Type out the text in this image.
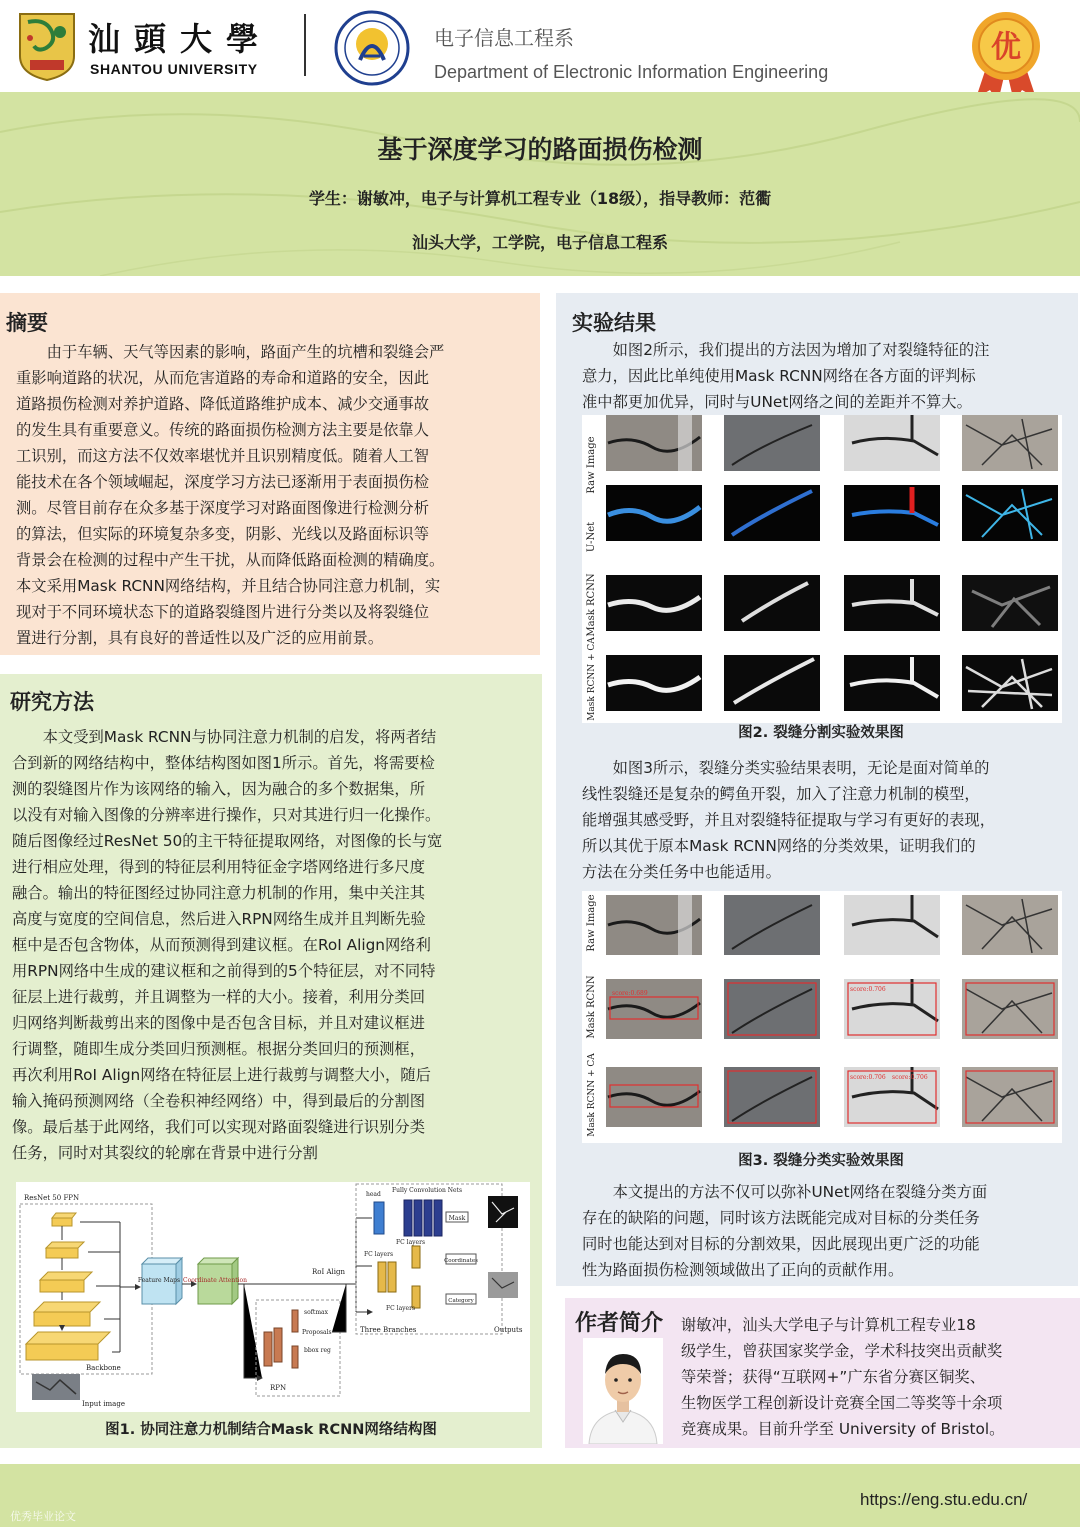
汕頭大學
SHANTOU UNIVERSITY
电子信息工程系
Department of Electronic Information Engineering
优
基于深度学习的路面损伤检测
学生：谢敏冲，电子与计算机工程专业（18级），指导教师：范衢
汕头大学，工学院，电子信息工程系
摘要
　　由于车辆、天气等因素的影响，路面产生的坑槽和裂缝会严
重影响道路的状况，从而危害道路的寿命和道路的安全，因此
道路损伤检测对养护道路、降低道路维护成本、减少交通事故
的发生具有重要意义。传统的路面损伤检测方法主要是依靠人
工识别，而这方法不仅效率堪忧并且识别精度低。随着人工智
能技术在各个领域崛起，深度学习方法已逐渐用于表面损伤检
测。尽管目前存在众多基于深度学习对路面图像进行检测分析
的算法，但实际的环境复杂多变，阴影、光线以及路面标识等
背景会在检测的过程中产生干扰，从而降低路面检测的精确度。
本文采用Mask RCNN网络结构，并且结合协同注意力机制，实
现对于不同环境状态下的道路裂缝图片进行分类以及将裂缝位
置进行分割，具有良好的普适性以及广泛的应用前景。
研究方法
　　本文受到Mask RCNN与协同注意力机制的启发，将两者结
合到新的网络结构中，整体结构图如图1所示。首先，将需要检
测的裂缝图片作为该网络的输入，因为融合的多个数据集，所
以没有对输入图像的分辨率进行操作，只对其进行归一化操作。
随后图像经过ResNet 50的主干特征提取网络，对图像的长与宽
进行相应处理，得到的特征层利用特征金字塔网络进行多尺度
融合。输出的特征图经过协同注意力机制的作用，集中关注其
高度与宽度的空间信息，然后进入RPN网络生成并且判断先验
框中是否包含物体，从而预测得到建议框。在RoI Align网络利
用RPN网络中生成的建议框和之前得到的5个特征层，对不同特
征层上进行裁剪，并且调整为一样的大小。接着，利用分类回
归网络判断裁剪出来的图像中是否包含目标，并且对建议框进
行调整，随即生成分类回归预测框。根据分类回归的预测框，
再次利用RoI Align网络在特征层上进行裁剪与调整大小，随后
输入掩码预测网络（全卷积神经网络）中，得到最后的分割图
像。最后基于此网络，我们可以实现对路面裂缝进行识别分类
任务，同时对其裂纹的轮廓在背景中进行分割
ResNet 50 FPN
Backbone
Input image
Feature Maps Coordinate Attention
softmax
bbox reg
Proposals
RPN
RoI Align
head
Fully Convolution Nets
Mask
FC layers
FC layers
Coordinates
Category
FC layers
Three Branches	Outputs
图1. 协同注意力机制结合Mask RCNN网络结构图
实验结果
　　如图2所示，我们提出的方法因为增加了对裂缝特征的注
意力，因此比单纯使用Mask RCNN网络在各方面的评判标
准中都更加优异，同时与UNet网络之间的差距并不算大。
Raw Image
U-Net
Mask RCNN
Mask RCNN + CA
图2. 裂缝分割实验效果图
　　如图3所示，裂缝分类实验结果表明，无论是面对简单的
线性裂缝还是复杂的鳄鱼开裂，加入了注意力机制的模型，
能增强其感受野，并且对裂缝特征提取与学习有更好的表现，
所以其优于原本Mask RCNN网络的分类效果，证明我们的
方法在分类任务中也能适用。
Raw Image
Mask RCNN
Mask RCNN + CA
score:0.689
score:0.706
score:0.706 score:0.706
图3. 裂缝分类实验效果图
　　本文提出的方法不仅可以弥补UNet网络在裂缝分类方面
存在的缺陷的问题，同时该方法既能完成对目标的分类任务
同时也能达到对目标的分割效果，因此展现出更广泛的功能
性为路面损伤检测领域做出了正向的贡献作用。
作者简介 谢敏冲，汕头大学电子与计算机工程专业18
级学生，曾获国家奖学金，学术科技突出贡献奖
等荣誉；获得“互联网+”广东省分赛区铜奖、
生物医学工程创新设计竞赛全国二等奖等十余项
竞赛成果。目前升学至 University of Bristol。
https://eng.stu.edu.cn/
优秀毕业论文
